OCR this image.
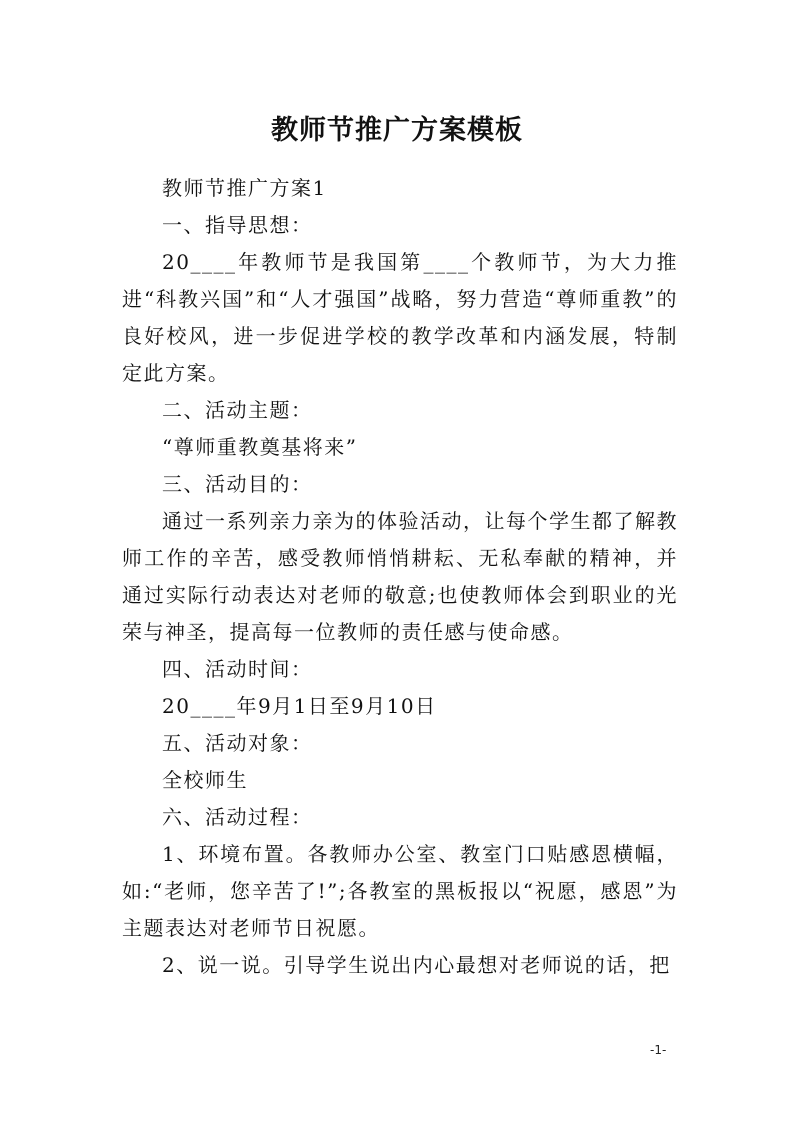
教师节推广方案模板

教师节推广方案1

一、指导思想：

20____年教师节是我国第____个教师节，为大力推进“科教兴国”和“人才强国”战略，努力营造“尊师重教”的良好校风，进一步促进学校的教学改革和内涵发展，特制定此方案。

二、活动主题：

“尊师重教奠基将来”

三、活动目的：

通过一系列亲力亲为的体验活动，让每个学生都了解教师工作的辛苦，感受教师悄悄耕耘、无私奉献的精神，并通过实际行动表达对老师的敬意;也使教师体会到职业的光荣与神圣，提高每一位教师的责任感与使命感。

四、活动时间：

20____年9月1日至9月10日

五、活动对象：

全校师生

六、活动过程：

1、环境布置。各教师办公室、教室门口贴感恩横幅，如:“老师，您辛苦了!”;各教室的黑板报以“祝愿，感恩”为主题表达对老师节日祝愿。

2、说一说。引导学生说出内心最想对老师说的话，把

-1-
